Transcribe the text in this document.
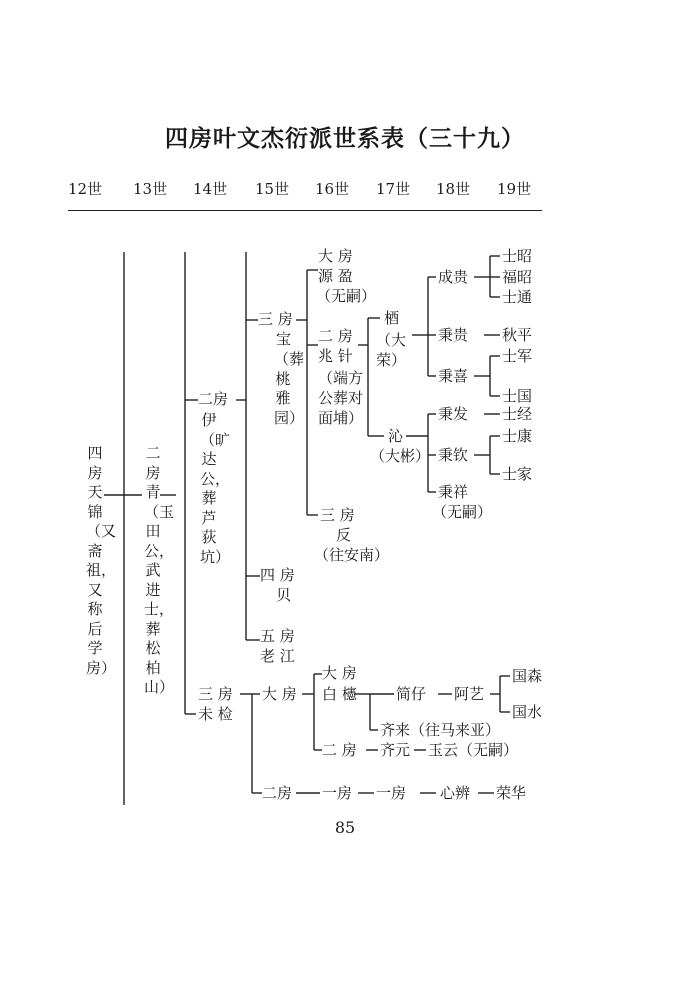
四房叶文杰衍派世系表（三十九）
12世 13世 14世 15世 16世 17世 18世 19世
四房天锦（又斋祖，又称后学房）
二房青（玉田公，武进士，葬松柏山）
二房
伊（旷达公，葬芦荻坑）
三 房
未 检
三 房
宝
（葬桃雅园）
四 房
贝
五 房
老 江
大 房
二房
大 房
源 盈
（无嗣）
二 房
兆 针
（端方公葬对面埔）
三 房
反
（往安南）
大 房
白 櫶
二 房
一房
梄
（大荣）
沁
（大彬）
简仔
齐来（往马来亚）
齐元
一房
成贵
秉贵
秉喜
秉发
秉钦
秉祥
（无嗣）
阿艺
玉云（无嗣）
心辨
士昭
福昭
士通
秋平
士军
士国
士经
士康
士家
国森
国水
荣华
85
